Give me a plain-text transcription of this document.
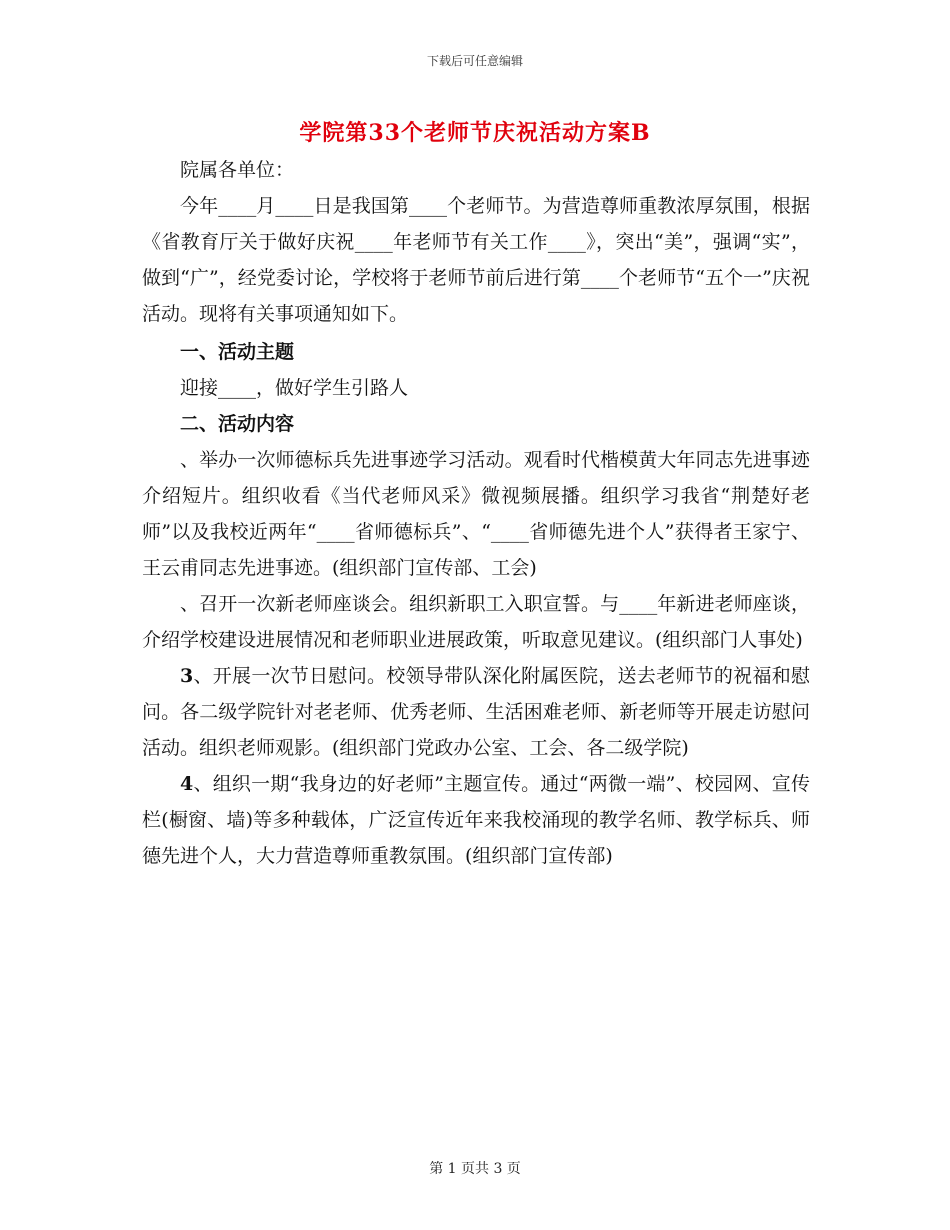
下载后可任意编辑
学院第33个老师节庆祝活动方案B

院属各单位：

今年____月____日是我国第____个老师节。为营造尊师重教浓厚氛围，根据《省教育厅关于做好庆祝____年老师节有关工作____》，突出“美”，强调“实”，做到“广”，经党委讨论，学校将于老师节前后进行第____个老师节“五个一”庆祝活动。现将有关事项通知如下。

一、活动主题

迎接____，做好学生引路人

二、活动内容

、举办一次师德标兵先进事迹学习活动。观看时代楷模黄大年同志先进事迹介绍短片。组织收看《当代老师风采》微视频展播。组织学习我省“荆楚好老师”以及我校近两年“____省师德标兵”、“____省师德先进个人”获得者王家宁、王云甫同志先进事迹。(组织部门宣传部、工会)

、召开一次新老师座谈会。组织新职工入职宣誓。与____年新进老师座谈，介绍学校建设进展情况和老师职业进展政策，听取意见建议。(组织部门人事处)

3、开展一次节日慰问。校领导带队深化附属医院，送去老师节的祝福和慰问。各二级学院针对老老师、优秀老师、生活困难老师、新老师等开展走访慰问活动。组织老师观影。(组织部门党政办公室、工会、各二级学院)

4、组织一期“我身边的好老师”主题宣传。通过“两微一端”、校园网、宣传栏(橱窗、墙)等多种载体，广泛宣传近年来我校涌现的教学名师、教学标兵、师德先进个人，大力营造尊师重教氛围。(组织部门宣传部)

第 1 页共 3 页
